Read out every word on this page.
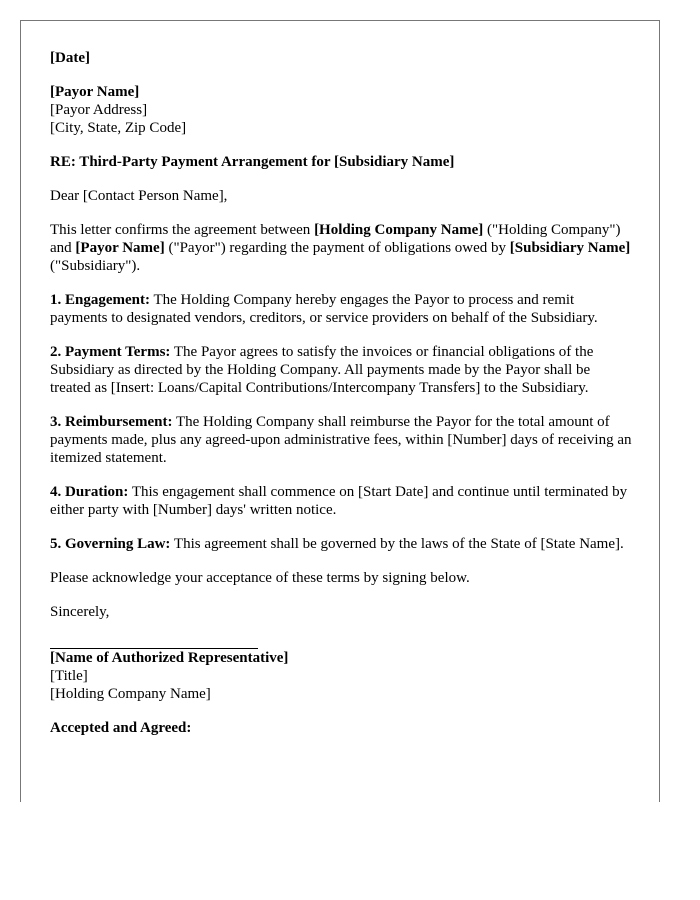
[Date]

[Payor Name]

[Payor Address]

[City, State, Zip Code]

RE: Third-Party Payment Arrangement for [Subsidiary Name]

Dear [Contact Person Name],

This letter confirms the agreement between [Holding Company Name] ("Holding Company") and [Payor Name] ("Payor") regarding the payment of obligations owed by [Subsidiary Name] ("Subsidiary").

1. Engagement: The Holding Company hereby engages the Payor to process and remit payments to designated vendors, creditors, or service providers on behalf of the Subsidiary.

2. Payment Terms: The Payor agrees to satisfy the invoices or financial obligations of the Subsidiary as directed by the Holding Company. All payments made by the Payor shall be treated as [Insert: Loans/Capital Contributions/Intercompany Transfers] to the Subsidiary.

3. Reimbursement: The Holding Company shall reimburse the Payor for the total amount of payments made, plus any agreed-upon administrative fees, within [Number] days of receiving an itemized statement.

4. Duration: This engagement shall commence on [Start Date] and continue until terminated by either party with [Number] days' written notice.

5. Governing Law: This agreement shall be governed by the laws of the State of [State Name].

Please acknowledge your acceptance of these terms by signing below.

Sincerely,

[Name of Authorized Representative]

[Title]

[Holding Company Name]

Accepted and Agreed:
